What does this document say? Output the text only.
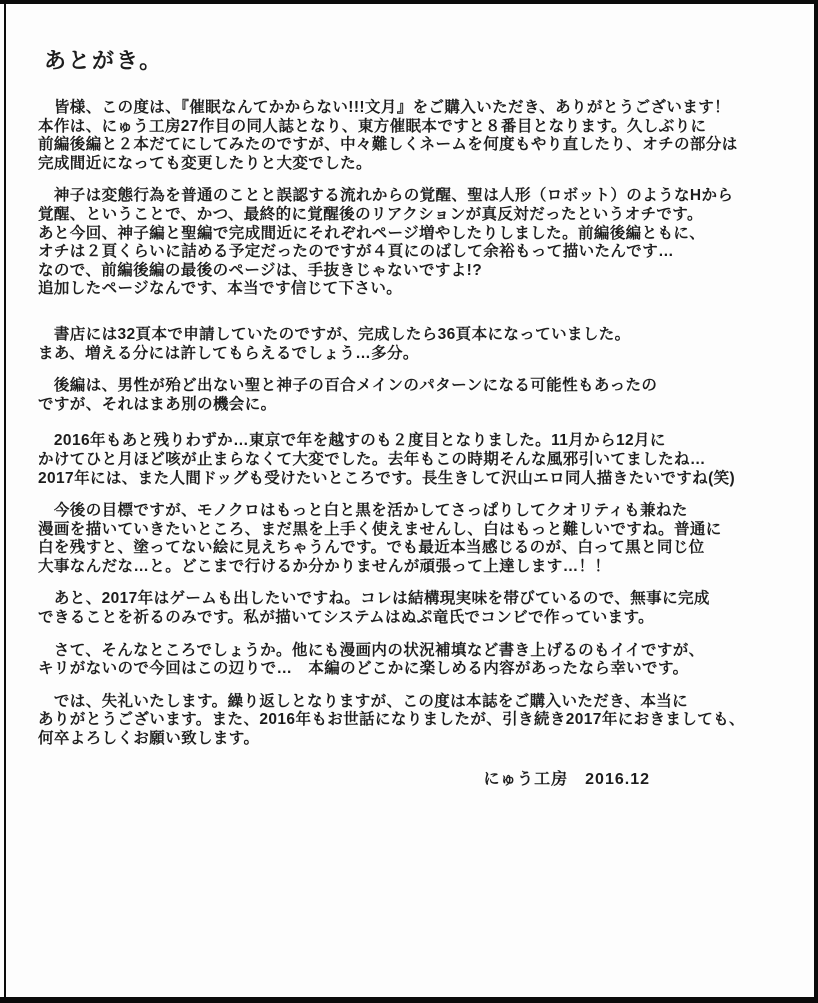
あとがき。
　皆様、この度は、『催眠なんてかからない!!!文月』をご購入いただき、ありがとうございます！
本作は、にゅう工房27作目の同人誌となり、東方催眠本ですと８番目となります。久しぶりに
前編後編と２本だてにしてみたのですが、中々難しくネームを何度もやり直したり、オチの部分は
完成間近になっても変更したりと大変でした。
　神子は変態行為を普通のことと誤認する流れからの覚醒、聖は人形（ロボット）のようなHから
覚醒、ということで、かつ、最終的に覚醒後のリアクションが真反対だったというオチです。
あと今回、神子編と聖編で完成間近にそれぞれページ増やしたりしました。前編後編ともに、
オチは２頁くらいに詰める予定だったのですが４頁にのばして余裕もって描いたんです…
なので、前編後編の最後のページは、手抜きじゃないですよ!?
追加したページなんです、本当です信じて下さい。
　書店には32頁本で申請していたのですが、完成したら36頁本になっていました。
まあ、増える分には許してもらえるでしょう…多分。
　後編は、男性が殆ど出ない聖と神子の百合メインのパターンになる可能性もあったの
ですが、それはまあ別の機会に。
　2016年もあと残りわずか…東京で年を越すのも２度目となりました。11月から12月に
かけてひと月ほど咳が止まらなくて大変でした。去年もこの時期そんな風邪引いてましたね…
2017年には、また人間ドッグも受けたいところです。長生きして沢山エロ同人描きたいですね(笑)
　今後の目標ですが、モノクロはもっと白と黒を活かしてさっぱりしてクオリティも兼ねた
漫画を描いていきたいところ、まだ黒を上手く使えませんし、白はもっと難しいですね。普通に
白を残すと、塗ってない絵に見えちゃうんです。でも最近本当感じるのが、白って黒と同じ位
大事なんだな…と。どこまで行けるか分かりませんが頑張って上達します…！！
　あと、2017年はゲームも出したいですね。コレは結構現実味を帯びているので、無事に完成
できることを祈るのみです。私が描いてシステムはぬぷ竜氏でコンビで作っています。
　さて、そんなところでしょうか。他にも漫画内の状況補填など書き上げるのもイイですが、
キリがないので今回はこの辺りで…　本編のどこかに楽しめる内容があったなら幸いです。
　では、失礼いたします。繰り返しとなりますが、この度は本誌をご購入いただき、本当に
ありがとうございます。また、2016年もお世話になりましたが、引き続き2017年におきましても、
何卒よろしくお願い致します。
にゅう工房　2016.12
